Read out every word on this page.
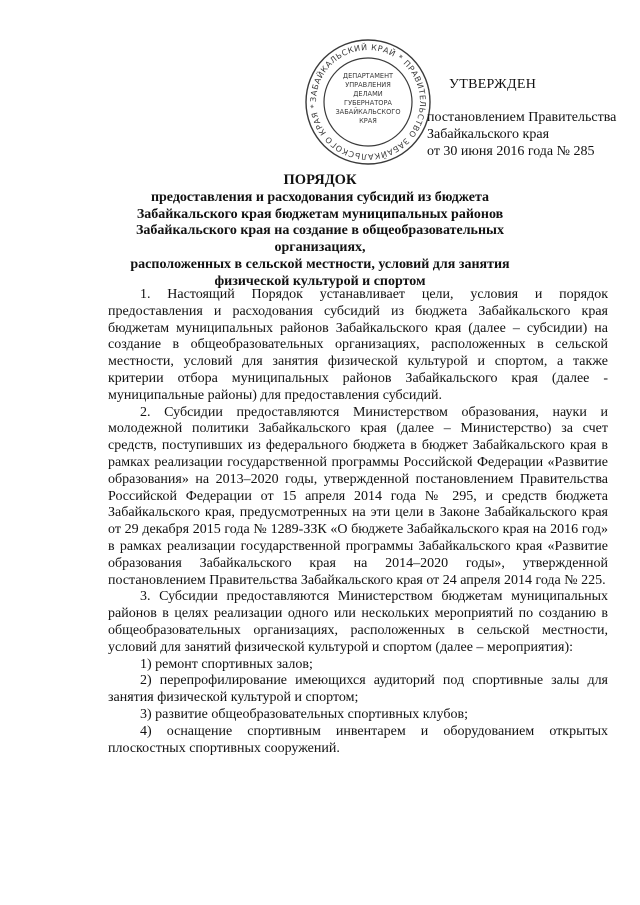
ЗАБАЙКАЛЬСКИЙ КРАЙ * ПРАВИТЕЛЬСТВО ЗАБАЙКАЛЬСКОГО КРАЯ *
ДЕПАРТАМЕНТ
УПРАВЛЕНИЯ
ДЕЛАМИ
ГУБЕРНАТОРА
ЗАБАЙКАЛЬСКОГО
КРАЯ
УТВЕРЖДЕН
постановлением Правительства
Забайкальского края
от 30 июня 2016 года № 285
ПОРЯДОК
предоставления и расходования субсидий из бюджета
Забайкальского края бюджетам муниципальных районов
Забайкальского края на создание в общеобразовательных организациях,
расположенных в сельской местности, условий для занятия
физической культурой и спортом

1. Настоящий Порядок устанавливает цели, условия и порядок предоставления и расходования субсидий из бюджета Забайкальского края бюджетам муниципальных районов Забайкальского края (далее – субсидии) на создание в общеобразовательных организациях, расположенных в сельской местности, условий для занятия физической культурой и спортом, а также критерии отбора муниципальных районов Забайкальского края (далее - муниципальные районы) для предоставления субсидий.

2. Субсидии предоставляются Министерством образования, науки и молодежной политики Забайкальского края (далее – Министерство) за счет средств, поступивших из федерального бюджета в бюджет Забайкальского края в рамках реализации государственной программы Российской Федерации «Развитие образования» на 2013–2020 годы, утвержденной постановлением Правительства Российской Федерации от 15 апреля 2014 года № 295, и средств бюджета Забайкальского края, предусмотренных на эти цели в Законе Забайкальского края от 29 декабря 2015 года № 1289-ЗЗК «О бюджете Забайкальского края на 2016 год» в рамках реализации государственной программы Забайкальского края «Развитие образования Забайкальского края на 2014–2020 годы», утвержденной постановлением Правительства Забайкальского края от 24 апреля 2014 года № 225.

3. Субсидии предоставляются Министерством бюджетам муниципальных районов в целях реализации одного или нескольких мероприятий по созданию в общеобразовательных организациях, расположенных в сельской местности, условий для занятий физической культурой и спортом (далее – мероприятия):

1) ремонт спортивных залов;

2) перепрофилирование имеющихся аудиторий под спортивные залы для занятия физической культурой и спортом;

3) развитие общеобразовательных спортивных клубов;

4) оснащение спортивным инвентарем и оборудованием открытых плоскостных спортивных сооружений.
